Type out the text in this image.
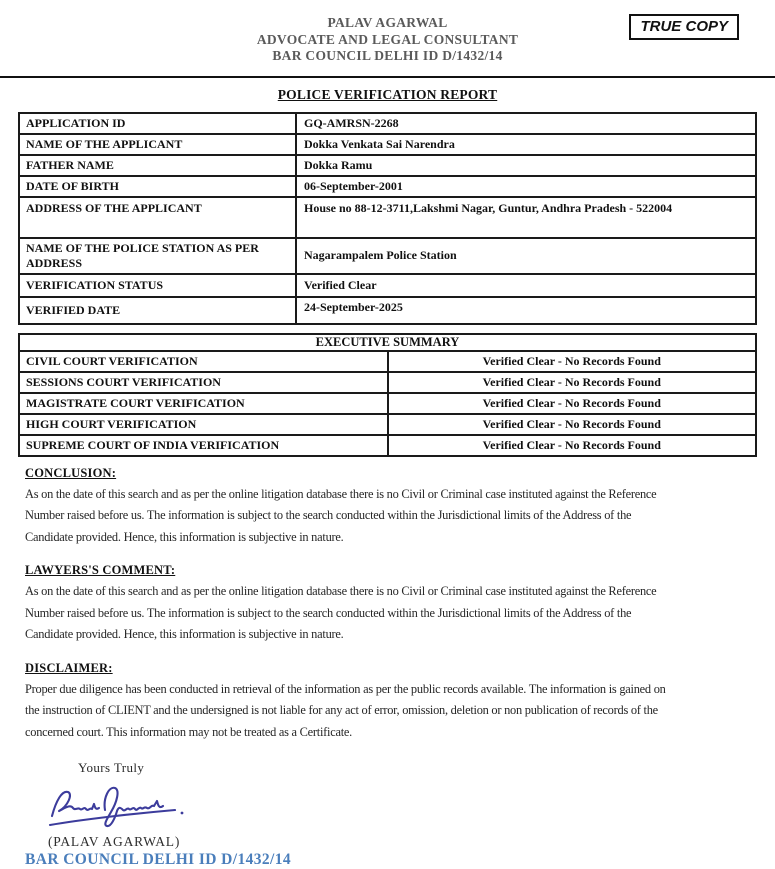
PALAV AGARWAL
ADVOCATE AND LEGAL CONSULTANT
BAR COUNCIL DELHI ID D/1432/14
TRUE COPY
POLICE VERIFICATION REPORT
APPLICATION ID	GQ-AMRSN-2268
NAME OF THE APPLICANT	Dokka Venkata Sai Narendra
FATHER NAME	Dokka Ramu
DATE OF BIRTH	06-September-2001
ADDRESS OF THE APPLICANT	House no 88-12-3711,Lakshmi Nagar, Guntur, Andhra Pradesh - 522004
NAME OF THE POLICE STATION AS PER ADDRESS	Nagarampalem Police Station
VERIFICATION STATUS	Verified Clear
VERIFIED DATE	24-September-2025
EXECUTIVE SUMMARY	
CIVIL COURT VERIFICATION	Verified Clear - No Records Found
SESSIONS COURT VERIFICATION	Verified Clear - No Records Found
MAGISTRATE COURT VERIFICATION	Verified Clear - No Records Found
HIGH COURT VERIFICATION	Verified Clear - No Records Found
SUPREME COURT OF INDIA VERIFICATION	Verified Clear - No Records Found
CONCLUSION:
As on the date of this search and as per the online litigation database there is no Civil or Criminal case instituted against the Reference
Number raised before us. The information is subject to the search conducted within the Jurisdictional limits of the Address of the
Candidate provided. Hence, this information is subjective in nature.
LAWYERS'S COMMENT:
As on the date of this search and as per the online litigation database there is no Civil or Criminal case instituted against the Reference
Number raised before us. The information is subject to the search conducted within the Jurisdictional limits of the Address of the
Candidate provided. Hence, this information is subjective in nature.
DISCLAIMER:
Proper due diligence has been conducted in retrieval of the information as per the public records available. The information is gained on
the instruction of CLIENT and the undersigned is not liable for any act of error, omission, deletion or non publication of records of the
concerned court. This information may not be treated as a Certificate.
Yours Truly
(PALAV AGARWAL)
BAR COUNCIL DELHI ID D/1432/14
